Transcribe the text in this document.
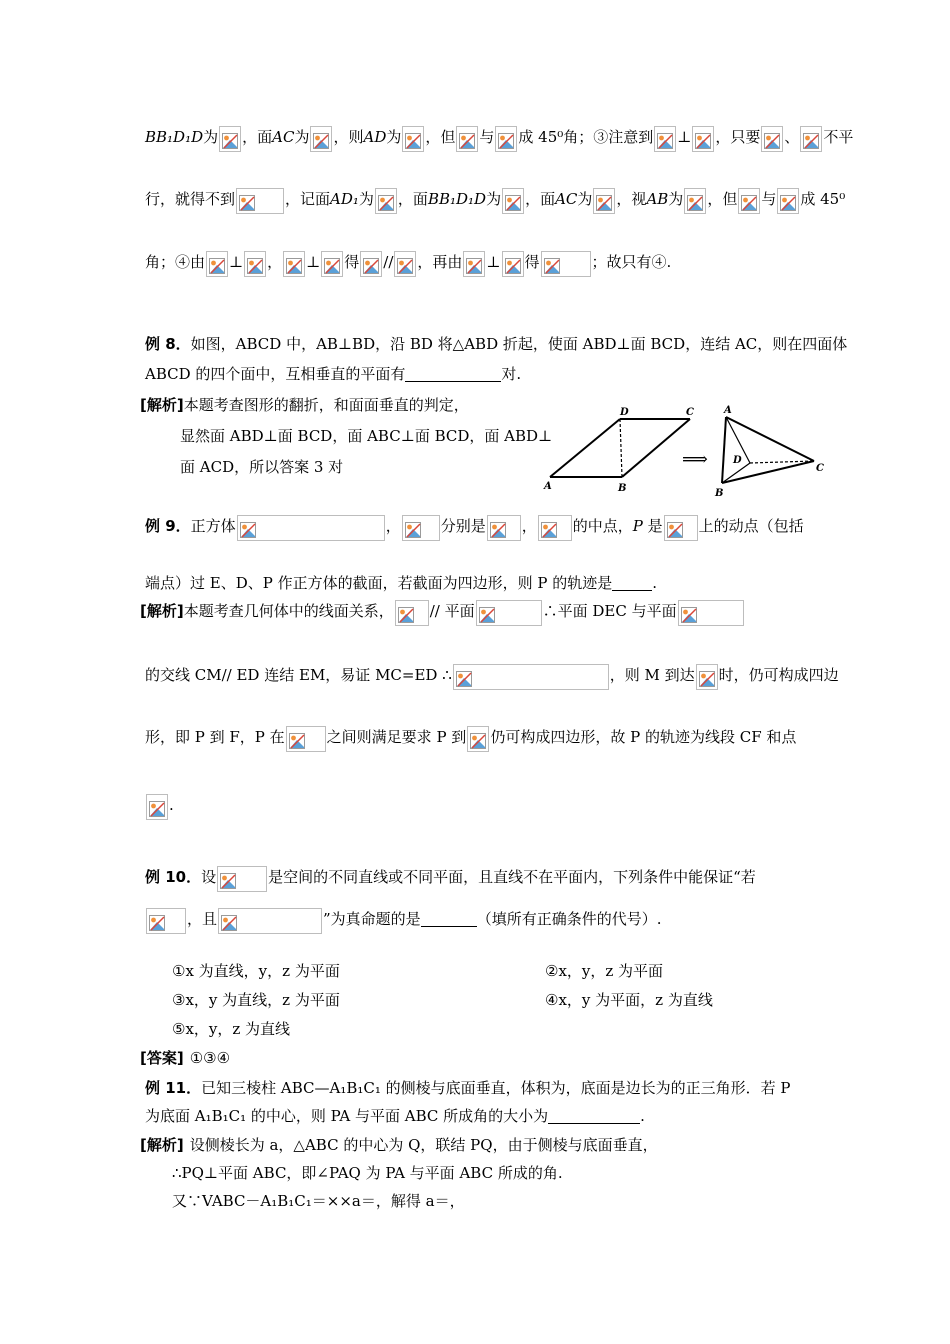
BB₁D₁D为 ，面AC为 ，则AD为 ，但 与 成 45⁰角；③注意到 ⊥ ，只要 、 不平
行，就得不到	，记面AD₁为 ，面BB₁D₁D为 ，面AC为 ，视AB为 ，但 与 成 45⁰
角；④由 ⊥ ， ⊥ 得 // ，再由 ⊥ 得	；故只有④.
例 8．如图，ABCD 中，AB⊥BD，沿 BD 将△ABD 折起，使面 ABD⊥面 BCD，连结 AC，则在四面体
ABCD 的四个面中，互相垂直的平面有	对.
[解析]本题考查图形的翻折，和面面垂直的判定，
显然面 ABD⊥面 BCD，面 ABC⊥面 BCD，面 ABD⊥
面 ACD，所以答案 3 对
D	C
A	B
⟹
A
D
C
B
例 9．正方体	，	分别是 ， 的中点，P 是 上的动点（包括
端点）过 E、D、P 作正方体的截面，若截面为四边形，则 P 的轨迹是	.
[解析]本题考查几何体中的线面关系， // 平面	∴平面 DEC 与平面
的交线 CM// ED 连结 EM，易证 MC=ED ∴	，则 M 到达 时，仍可构成四边
形，即 P 到 F，P 在	之间则满足要求 P 到 仍可构成四边形，故 P 的轨迹为线段 CF 和点
.
例 10．设	是空间的不同直线或不同平面，且直线不在平面内，下列条件中能保证“若
，且	”为真命题的是	（填所有正确条件的代号）.
①x 为直线，y，z 为平面	②x，y，z 为平面
③x，y 为直线，z 为平面	④x，y 为平面，z 为直线
⑤x，y，z 为直线
[答案] ①③④
例 11．已知三棱柱 ABC—A₁B₁C₁ 的侧棱与底面垂直，体积为，底面是边长为的正三角形．若 P
为底面 A₁B₁C₁ 的中心，则 PA 与平面 ABC 所成角的大小为	.
[解析] 设侧棱长为 a，△ABC 的中心为 Q，联结 PQ，由于侧棱与底面垂直，
∴PQ⊥平面 ABC，即∠PAQ 为 PA 与平面 ABC 所成的角.
又∵VABC－A₁B₁C₁＝××a＝，解得 a＝，
